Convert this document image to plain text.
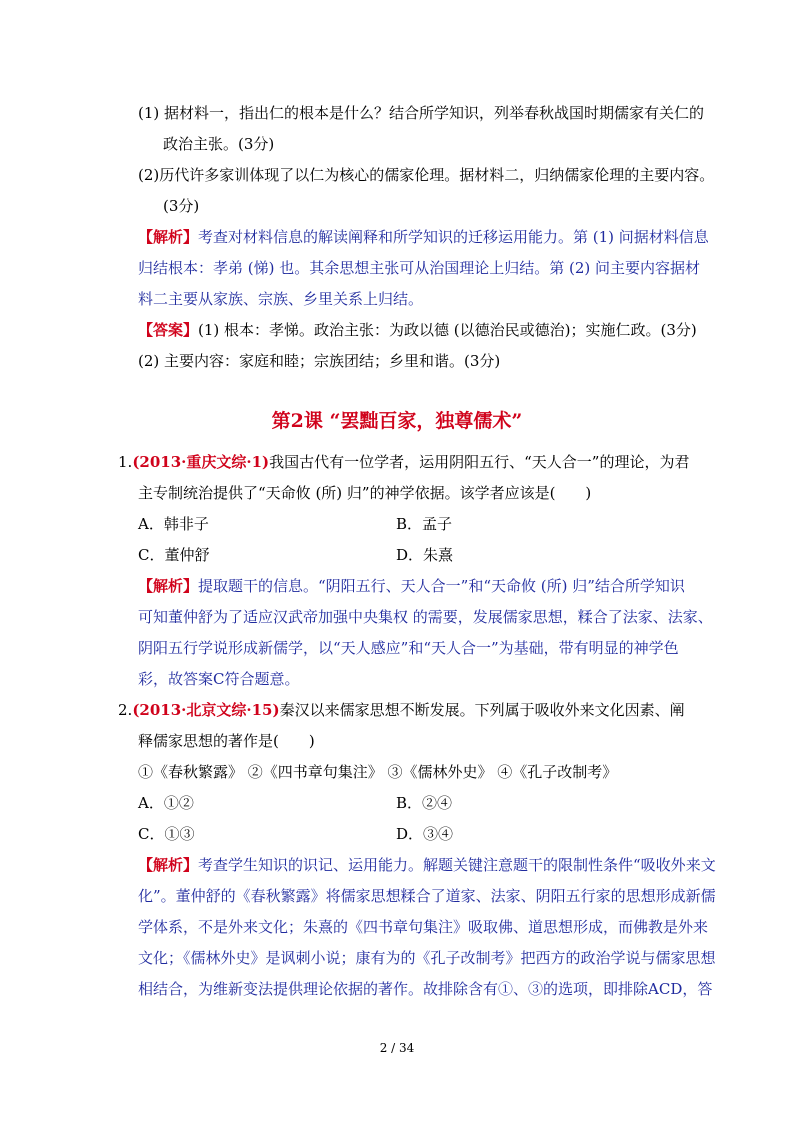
(1) 据材料一，指出仁的根本是什么？结合所学知识，列举春秋战国时期儒家有关仁的
政治主张。(3分)
(2)历代许多家训体现了以仁为核心的儒家伦理。据材料二，归纳儒家伦理的主要内容。
(3分)
【解析】考查对材料信息的解读阐释和所学知识的迁移运用能力。第 (1) 问据材料信息
归结根本：孝弟 (悌) 也。其余思想主张可从治国理论上归结。第 (2) 问主要内容据材
料二主要从家族、宗族、乡里关系上归结。
【答案】(1) 根本：孝悌。政治主张：为政以德 (以德治民或德治)；实施仁政。(3分)
(2) 主要内容：家庭和睦；宗族团结；乡里和谐。(3分)
第2课 “罢黜百家，独尊儒术”
1.(2013·重庆文综·1)我国古代有一位学者，运用阴阳五行、“天人合一”的理论，为君
主专制统治提供了“天命攸 (所) 归”的神学依据。该学者应该是(　　)
A．韩非子	B．孟子
C．董仲舒	D．朱熹
【解析】提取题干的信息。“阴阳五行、天人合一”和“天命攸 (所) 归”结合所学知识
可知董仲舒为了适应汉武帝加强中央集权 的需要，发展儒家思想，糅合了法家、法家、
阴阳五行学说形成新儒学，以“天人感应”和“天人合一”为基础，带有明显的神学色
彩，故答案C符合题意。
2.(2013·北京文综·15)秦汉以来儒家思想不断发展。下列属于吸收外来文化因素、阐
释儒家思想的著作是(　　)
①《春秋繁露》 ②《四书章句集注》 ③《儒林外史》 ④《孔子改制考》
A．①②	B．②④
C．①③	D．③④
【解析】考查学生知识的识记、运用能力。解题关键注意题干的限制性条件“吸收外来文
化”。董仲舒的《春秋繁露》将儒家思想糅合了道家、法家、阴阳五行家的思想形成新儒
学体系，不是外来文化；朱熹的《四书章句集注》吸取佛、道思想形成，而佛教是外来
文化；《儒林外史》是讽刺小说；康有为的《孔子改制考》把西方的政治学说与儒家思想
相结合，为维新变法提供理论依据的著作。故排除含有①、③的选项，即排除ACD，答
2 / 34
